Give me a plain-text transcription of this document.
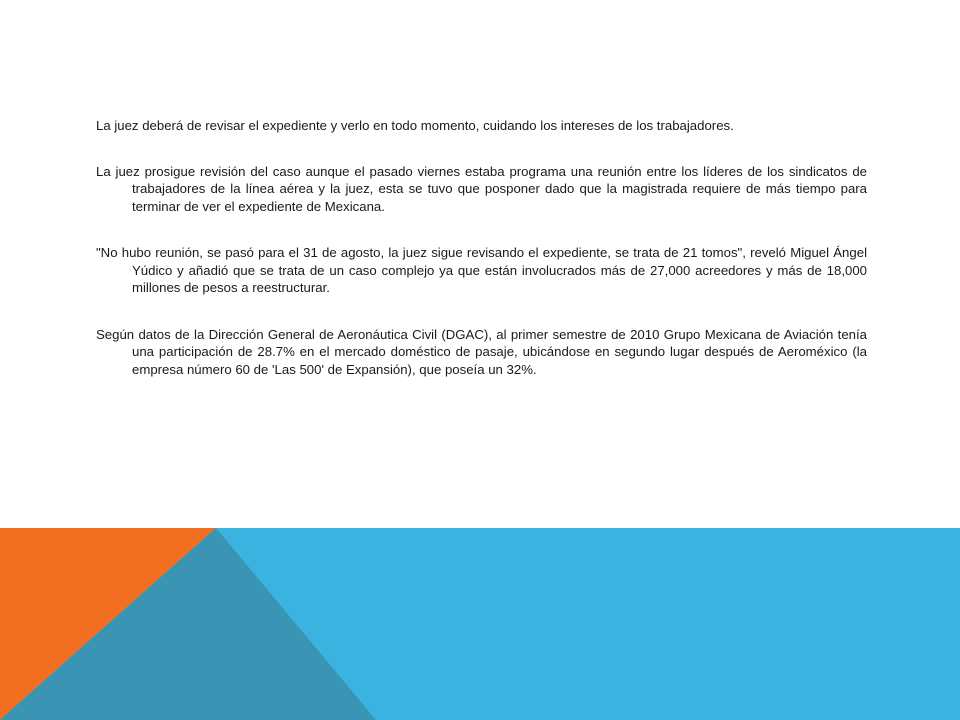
La juez deberá de revisar el expediente y verlo en todo momento, cuidando los intereses de los trabajadores.

La juez prosigue revisión del caso aunque el pasado viernes estaba programa una reunión entre los líderes de los sindicatos de trabajadores de la línea aérea y la juez, esta se tuvo que posponer dado que la magistrada requiere de más tiempo para terminar de ver el expediente de Mexicana.

"No hubo reunión, se pasó para el 31 de agosto, la juez sigue revisando el expediente, se trata de 21 tomos", reveló Miguel Ángel Yúdico y añadió que se trata de un caso complejo ya que están involucrados más de 27,000 acreedores y más de 18,000 millones de pesos a reestructurar.

Según datos de la Dirección General de Aeronáutica Civil (DGAC), al primer semestre de 2010 Grupo Mexicana de Aviación tenía una participación de 28.7% en el mercado doméstico de pasaje, ubicándose en segundo lugar después de Aeroméxico (la empresa número 60 de 'Las 500' de Expansión), que poseía un 32%.
